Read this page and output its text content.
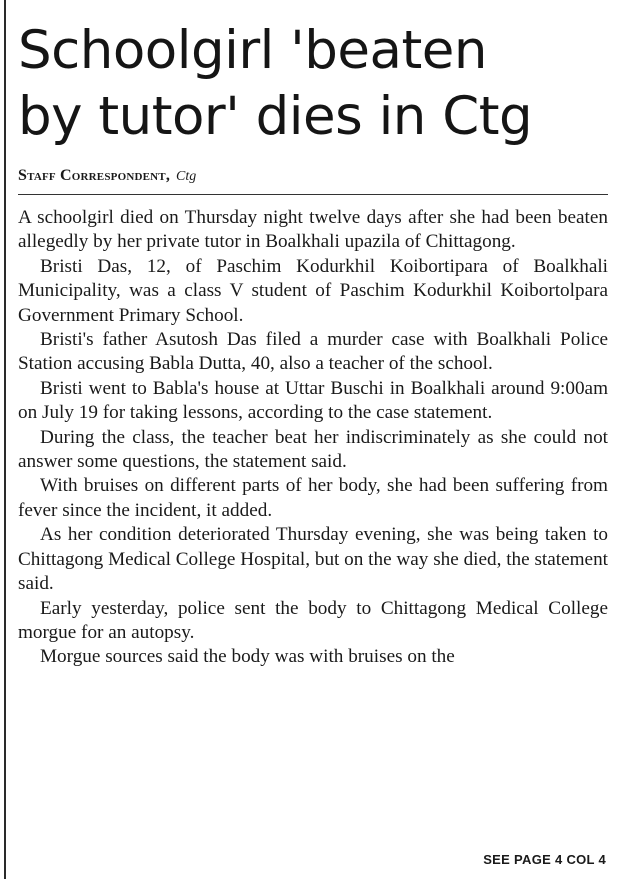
Schoolgirl 'beaten
by tutor' dies in Ctg
Staff Correspondent, Ctg

A schoolgirl died on Thursday night twelve days after she had been beaten allegedly by her private tutor in Boalkhali upazila of Chittagong.

Bristi Das, 12, of Paschim Kodurkhil Koibortipara of Boalkhali Municipality, was a class V student of Paschim Kodurkhil Koibortolpara Government Primary School.

Bristi's father Asutosh Das filed a murder case with Boalkhali Police Station accusing Babla Dutta, 40, also a teacher of the school.

Bristi went to Babla's house at Uttar Buschi in Boalkhali around 9:00am on July 19 for taking lessons, according to the case statement.

During the class, the teacher beat her indiscriminately as she could not answer some questions, the statement said.

With bruises on different parts of her body, she had been suffering from fever since the incident, it added.

As her condition deteriorated Thursday evening, she was being taken to Chittagong Medical College Hospital, but on the way she died, the statement said.

Early yesterday, police sent the body to Chittagong Medical College morgue for an autopsy.

Morgue sources said the body was with bruises on the

SEE PAGE 4 COL 4
